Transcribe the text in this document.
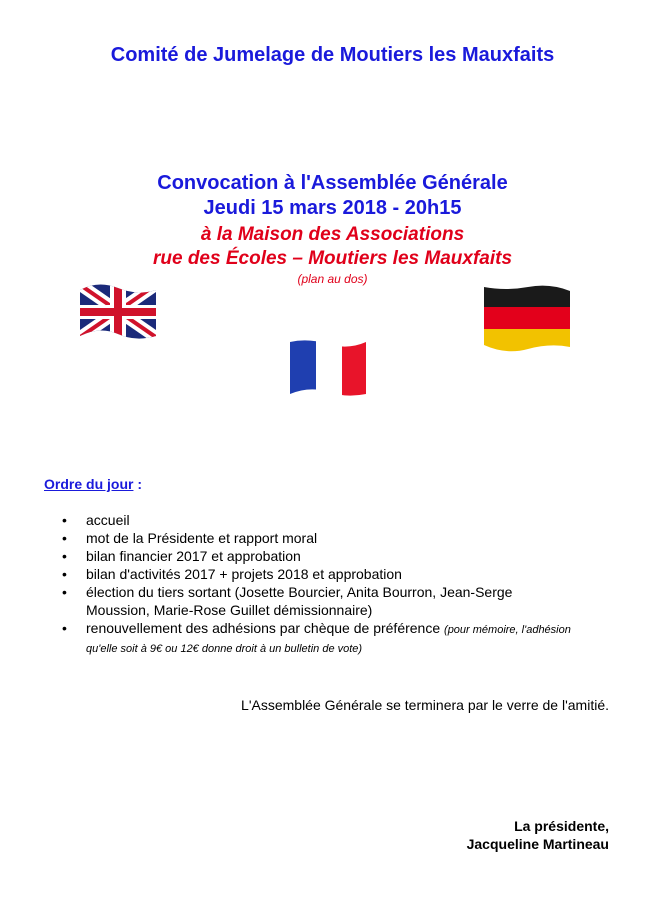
Comité de Jumelage de Moutiers les Mauxfaits
Convocation à l'Assemblée Générale
Jeudi 15 mars 2018 - 20h15
à la Maison des Associations
rue des Écoles – Moutiers les Mauxfaits
(plan au dos)
Ordre du jour :
• accueil
• mot de la Présidente et rapport moral
• bilan financier 2017 et approbation
• bilan d'activités 2017 + projets 2018 et approbation
• élection du tiers sortant (Josette Bourcier, Anita Bourron, Jean-Serge Moussion, Marie-Rose Guillet démissionnaire)
• renouvellement des adhésions par chèque de préférence (pour mémoire, l'adhésion qu'elle soit à 9€ ou 12€ donne droit à un bulletin de vote)
L'Assemblée Générale se terminera par le verre de l'amitié.
La présidente,
Jacqueline Martineau
